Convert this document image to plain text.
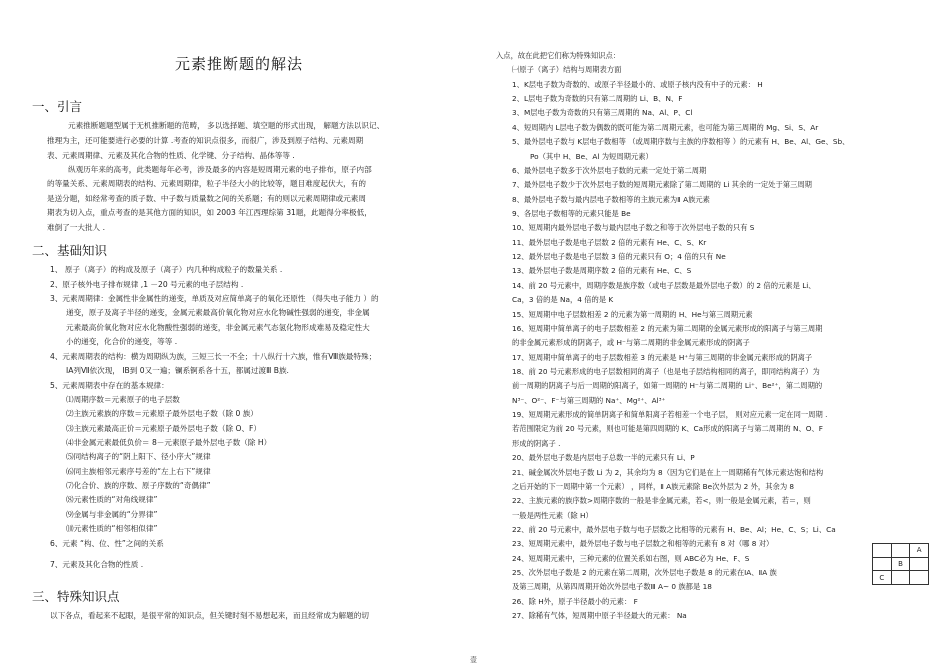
元素推断题的解法
一、引言
元素推断题题型属于无机推断题的范畴， 多以选择题、填空题的形式出现， 解题方法以识记、
推理为主，还可能要进行必要的计算 .考查的知识点很多，而很广，涉及到原子结构、元素周期
表、元素周期律、元素及其化合物的性质、化学键、分子结构、晶体等等 .
纵观历年来的高考，此类题每年必考，涉及最多的内容是短周期元素的电子排布，原子内部
的等量关系、元素周期表的结构、元素周期律，粒子半径大小的比较等，题目难度起伏大，有的
是送分题，如经常考查的质子数、中子数与质量数之间的关系题；有的则以元素周期律或元素周
期表为切入点，重点考查的是其他方面的知识，如 2003 年江西理综第 31题，此题得分率极低，
难倒了一大批人 .
二、基础知识
1、 原子（离子）的构成及原子（离子）内几种构成粒子的数量关系 .
2、原子核外电子排布规律 ,1 －20 号元素的电子层结构 .
3、元素周期律：金属性非金属性的递变，单质及对应简单离子的氧化还原性 （得失电子能力 ）的
递变，原子及离子半径的递变，金属元素最高价氧化物对应水化物碱性强弱的递变，非金属
元素最高价氧化物对应水化物酸性强弱的递变，非金属元素气态氢化物形成难易及稳定性大
小的递变，化合价的递变，等等 .
4、元素周期表的结构：横为周期纵为族，三短三长一不全；十八纵行十六族，惟有Ⅷ族最特殊；
ⅠA列Ⅶ依次现， ⅠB到 0又一遍；镧系锕系各十五，都属过渡Ⅲ B族.
5、元素周期表中存在的基本规律：
⑴周期序数＝元素原子的电子层数
⑵主族元素族的序数＝元素原子最外层电子数（除 0 族）
⑶主族元素最高正价＝元素原子最外层电子数（除 O、F）
⑷非金属元素最低负价＝ 8－元素原子最外层电子数（除 H）
⑸同结构离子的“阴上阳下、径小序大”规律
⑹同主族相邻元素序号差的“左上右下”规律
⑺化合价、族的序数、原子序数的“奇偶律”
⑻元素性质的“对角线规律”
⑼金属与非金属的“分界律”
⑽元素性质的“相邻相似律”
6、元素 “构、位、性”之间的关系
7、元素及其化合物的性质 .
三、特殊知识点
以下各点，看起来不起眼，是很平常的知识点，但关键时刻不易想起来，而且经常成为解题的切
入点，故在此把它们称为特殊知识点：
㈠原子（离子）结构与周期表方面
1、K层电子数为奇数的、或原子半径最小的、或原子核内没有中子的元素： H
2、L层电子数为奇数的只有第二周期的 Li、B、N、F
3、M层电子数为奇数的只有第三周期的 Na、Al、P、Cl
4、短周期内 L层电子数为偶数的既可能为第二周期元素，也可能为第三周期的 Mg、Si、S、Ar
5、最外层电子数与 K层电子数相等 （或周期序数与主族的序数相等 ）的元素有 H、Be、Al、Ge、Sb、
Po（其中 H、Be、Al 为短周期元素）
6、最外层电子数多于次外层电子数的元素一定处于第二周期
7、最外层电子数少于次外层电子数的短周期元素除了第二周期的 Li 其余的一定处于第三周期
8、最外层电子数与最内层电子数相等的主族元素为Ⅱ A族元素
9、各层电子数相等的元素只能是 Be
10、短周期内最外层电子数与最内层电子数之和等于次外层电子数的只有 S
11、最外层电子数是电子层数 2 倍的元素有 He、C、S、Kr
12、最外层电子数是电子层数 3 倍的元素只有 O；4 倍的只有 Ne
13、最外层电子数是周期序数 2 倍的元素有 He、C、S
14、前 20 号元素中，周期序数是族序数（或电子层数是最外层电子数）的 2 倍的元素是 Li、
Ca，3 倍的是 Na，4 倍的是 K
15、短周期中电子层数相差 2 的元素为第一周期的 H、He与第三周期元素
16、短周期中简单离子的电子层数相差 2 的元素为第二周期的金属元素形成的阳离子与第三周期
的非金属元素形成的阴离子，或 H⁻与第二周期的非金属元素形成的阴离子
17、短周期中简单离子的电子层数相差 3 的元素是 H⁺与第三周期的非金属元素形成的阴离子
18、前 20 号元素形成的电子层数相同的离子（也是电子层结构相同的离子，即同结构离子）为
前一周期的阴离子与后一周期的阳离子，如第一周期的 H⁻与第二周期的 Li⁺、Be²⁺，第二周期的
N³⁻、O²⁻、F⁻与第三周期的 Na⁺、Mg²⁺、Al³⁺
19、短周期元素形成的简单阴离子和简单阳离子若相差一个电子层， 则对应元素一定在同一周期 .
若范围限定为前 20 号元素，则也可能是第四周期的 K、Ca形成的阳离子与第二周期的 N、O、F
形成的阴离子 .
20、最外层电子数是内层电子总数一半的元素只有 Li、P
21、碱金属次外层电子数 Li 为 2，其余均为 8（因为它们是在上一周期稀有气体元素达饱和结构
之后开始的下一周期中第一个元素） ，同样，Ⅱ A族元素除 Be次外层为 2 外，其余为 8
22、主族元素的族序数>周期序数的一般是非金属元素，若<，则一般是金属元素，若＝，则
一般是两性元素（除 H）
22、前 20 号元素中，最外层电子数与电子层数之比相等的元素有 H、Be、Al；He、C、S；Li、Ca
23、短周期元素中，最外层电子数与电子层数之和相等的元素有 8 对（哪 8 对）
24、短周期元素中，三种元素的位置关系如右图，则 ABC必为 He、F、S
25、次外层电子数是 2 的元素在第二周期，次外层电子数是 8 的元素在ⅠA、ⅡA 族
及第三周期，从第四周期开始次外层电子数Ⅲ A~ 0 族都是 18
26、除 H外，原子半径最小的元素： F
27、除稀有气体，短周期中原子半径最大的元素： Na
		A
	B	
C		
壹
